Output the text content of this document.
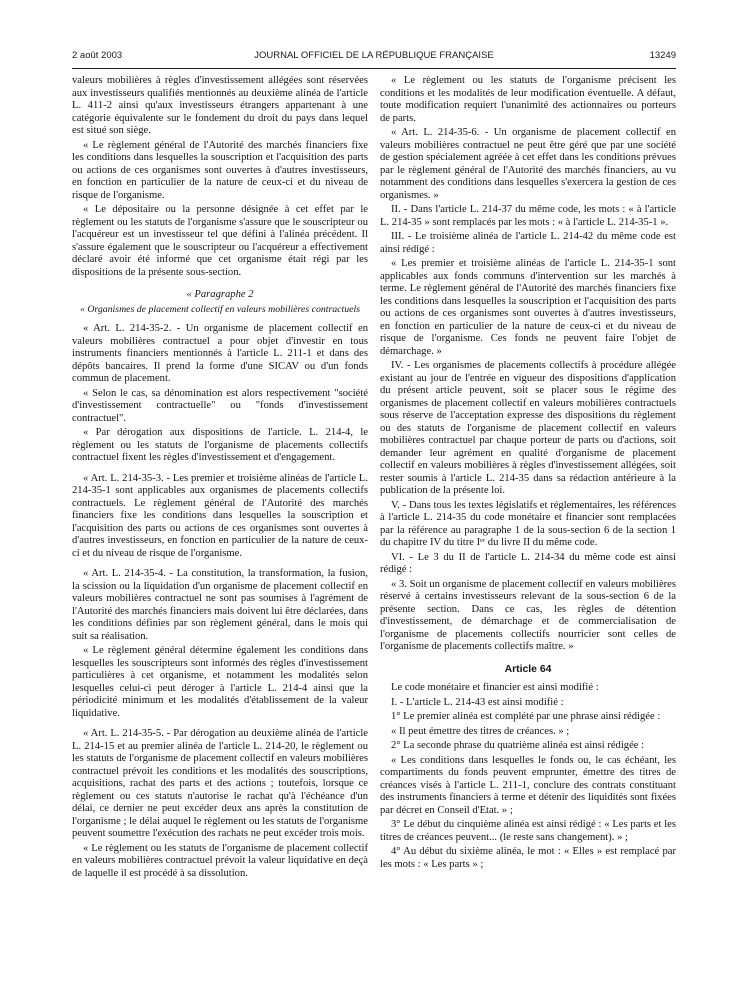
2 août 2003	JOURNAL OFFICIEL DE LA RÉPUBLIQUE FRANÇAISE	13249

valeurs mobilières à règles d'investissement allégées sont réservées aux investisseurs qualifiés mentionnés au deuxième alinéa de l'article L. 411-2 ainsi qu'aux investisseurs étrangers appartenant à une catégorie équivalente sur le fondement du droit du pays dans lequel est situé son siège.

« Le règlement général de l'Autorité des marchés financiers fixe les conditions dans lesquelles la souscription et l'acquisition des parts ou actions de ces organismes sont ouvertes à d'autres investisseurs, en fonction en particulier de la nature de ceux-ci et du niveau de risque de l'organisme.

« Le dépositaire ou la personne désignée à cet effet par le règlement ou les statuts de l'organisme s'assure que le souscripteur ou l'acquéreur est un investisseur tel que défini à l'alinéa précédent. Il s'assure également que le souscripteur ou l'acquéreur a effectivement déclaré avoir été informé que cet organisme était régi par les dispositions de la présente sous-section.

« Paragraphe 2

« Organismes de placement collectif en valeurs mobilières contractuels

« Art. L. 214-35-2. - Un organisme de placement collectif en valeurs mobilières contractuel a pour objet d'investir en tous instruments financiers mentionnés à l'article L. 211-1 et dans des dépôts bancaires. Il prend la forme d'une SICAV ou d'un fonds commun de placement.

« Selon le cas, sa dénomination est alors respectivement "société d'investissement contractuelle" ou "fonds d'investissement contractuel".

« Par dérogation aux dispositions de l'article. L. 214-4, le règlement ou les statuts de l'organisme de placements collectifs contractuel fixent les règles d'investissement et d'engagement.

« Art. L. 214-35-3. - Les premier et troisième alinéas de l'article L. 214-35-1 sont applicables aux organismes de placements collectifs contractuels. Le règlement général de l'Autorité des marchés financiers fixe les conditions dans lesquelles la souscription et l'acquisition des parts ou actions de ces organismes sont ouvertes à d'autres investisseurs, en fonction en particulier de la nature de ceux-ci et du niveau de risque de l'organisme.

« Art. L. 214-35-4. - La constitution, la transformation, la fusion, la scission ou la liquidation d'un organisme de placement collectif en valeurs mobilières contractuel ne sont pas soumises à l'agrément de l'Autorité des marchés financiers mais doivent lui être déclarées, dans les conditions définies par son règlement général, dans le mois qui suit sa réalisation.

« Le règlement général détermine également les conditions dans lesquelles les souscripteurs sont informés des règles d'investissement particulières à cet organisme, et notamment les modalités selon lesquelles celui-ci peut déroger à l'article L. 214-4 ainsi que la périodicité minimum et les modalités d'établissement de la valeur liquidative.

« Art. L. 214-35-5. - Par dérogation au deuxième alinéa de l'article L. 214-15 et au premier alinéa de l'article L. 214-20, le règlement ou les statuts de l'organisme de placement collectif en valeurs mobilières contractuel prévoit les conditions et les modalités des souscriptions, acquisitions, rachat des parts et des actions ; toutefois, lorsque ce règlement ou ces statuts n'autorise le rachat qu'à l'échéance d'un délai, ce dernier ne peut excéder deux ans après la constitution de l'organisme ; le délai auquel le règlement ou les statuts de l'organisme peuvent soumettre l'exécution des rachats ne peut excéder trois mois.

« Le règlement ou les statuts de l'organisme de placement collectif en valeurs mobilières contractuel prévoit la valeur liquidative en deçà de laquelle il est procédé à sa dissolution.

« Le règlement ou les statuts de l'organisme précisent les conditions et les modalités de leur modification éventuelle. A défaut, toute modification requiert l'unanimité des actionnaires ou porteurs de parts.

« Art. L. 214-35-6. - Un organisme de placement collectif en valeurs mobilières contractuel ne peut être géré que par une société de gestion spécialement agréée à cet effet dans les conditions prévues par le règlement général de l'Autorité des marchés financiers, au vu notamment des conditions dans lesquelles s'exercera la gestion de ces organismes. »

II. - Dans l'article L. 214-37 du même code, les mots : « à l'article L. 214-35 » sont remplacés par les mots : « à l'article L. 214-35-1 ».

III. - Le troisième alinéa de l'article L. 214-42 du même code est ainsi rédigé :

« Les premier et troisième alinéas de l'article L. 214-35-1 sont applicables aux fonds communs d'intervention sur les marchés à terme. Le règlement général de l'Autorité des marchés financiers fixe les conditions dans lesquelles la souscription et l'acquisition des parts ou actions de ces organismes sont ouvertes à d'autres investisseurs, en fonction en particulier de la nature de ceux-ci et du niveau de risque de l'organisme. Ces fonds ne peuvent faire l'objet de démarchage. »

IV. - Les organismes de placements collectifs à procédure allégée existant au jour de l'entrée en vigueur des dispositions d'application du présent article peuvent, soit se placer sous le régime des organismes de placement collectif en valeurs mobilières contractuels sous réserve de l'acceptation expresse des dispositions du règlement ou des statuts de l'organisme de placement collectif en valeurs mobilières contractuel par chaque porteur de parts ou d'actions, soit demander leur agrément en qualité d'organisme de placement collectif en valeurs mobilières à règles d'investissement allégées, soit rester soumis à l'article L. 214-35 dans sa rédaction antérieure à la publication de la présente loi.

V. - Dans tous les textes législatifs et réglementaires, les références à l'article L. 214-35 du code monétaire et financier sont remplacées par la référence au paragraphe 1 de la sous-section 6 de la section 1 du chapitre IV du titre Iᵉʳ du livre II du même code.

VI. - Le 3 du II de l'article L. 214-34 du même code est ainsi rédigé :

« 3. Soit un organisme de placement collectif en valeurs mobilières réservé à certains investisseurs relevant de la sous-section 6 de la présente section. Dans ce cas, les règles de détention d'investissement, de démarchage et de commercialisation de l'organisme de placements collectifs nourricier sont celles de l'organisme de placements collectifs maître. »

Article 64

Le code monétaire et financier est ainsi modifié :

I. - L'article L. 214-43 est ainsi modifié :

1° Le premier alinéa est complété par une phrase ainsi rédigée :

« Il peut émettre des titres de créances. » ;

2° La seconde phrase du quatrième alinéa est ainsi rédigée :

« Les conditions dans lesquelles le fonds ou, le cas échéant, les compartiments du fonds peuvent emprunter, émettre des titres de créances visés à l'article L. 211-1, conclure des contrats constituant des instruments financiers à terme et détenir des liquidités sont fixées par décret en Conseil d'Etat. » ;

3° Le début du cinquième alinéa est ainsi rédigé : « Les parts et les titres de créances peuvent... (le reste sans changement). » ;

4° Au début du sixième alinéa, le mot : « Elles » est remplacé par les mots : « Les parts » ;
